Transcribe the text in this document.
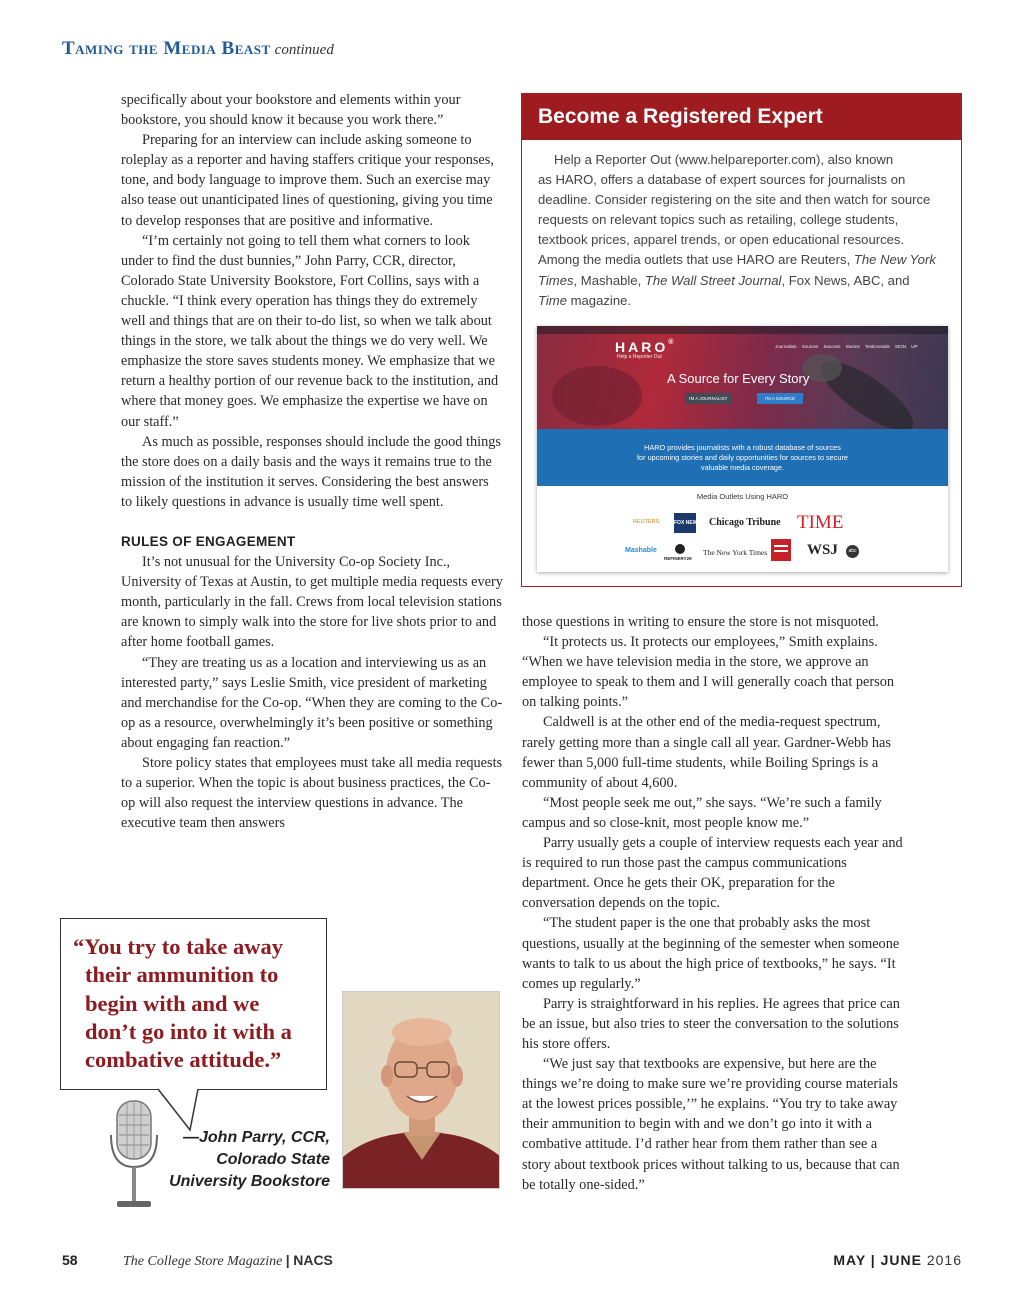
Taming the Media Beast continued

specifically about your bookstore and elements within your bookstore, you should know it because you work there.”

Preparing for an interview can include asking someone to roleplay as a reporter and having staffers critique your responses, tone, and body language to improve them. Such an exercise may also tease out unanticipated lines of questioning, giving you time to develop responses that are positive and informative.

“I’m certainly not going to tell them what corners to look under to find the dust bunnies,” John Parry, CCR, director, Colorado State University Bookstore, Fort Collins, says with a chuckle. “I think every operation has things they do extremely well and things that are on their to-do list, so when we talk about things in the store, we talk about the things we do very well. We emphasize the store saves students money. We emphasize that we return a healthy portion of our revenue back to the institution, and where that money goes. We emphasize the expertise we have on our staff.”

As much as possible, responses should include the good things the store does on a daily basis and the ways it remains true to the mission of the institution it serves. Considering the best answers to likely questions in advance is usually time well spent.

RULES OF ENGAGEMENT

It’s not unusual for the University Co-op Society Inc., University of Texas at Austin, to get multiple media requests every month, particularly in the fall. Crews from local television stations are known to simply walk into the store for live shots prior to and after home football games.

“They are treating us as a location and interviewing us as an interested party,” says Leslie Smith, vice president of marketing and merchandise for the Co-op. “When they are coming to the Co-op as a resource, overwhelmingly it’s been positive or something about engaging fan reaction.”

Store policy states that employees must take all media requests to a superior. When the topic is about business practices, the Co-op will also request the interview questions in advance. The executive team then answers

those questions in writing to ensure the store is not misquoted.

“It protects us. It protects our employees,” Smith explains. “When we have television media in the store, we approve an employee to speak to them and I will generally coach that person on talking points.”

Caldwell is at the other end of the media-request spectrum, rarely getting more than a single call all year. Gardner-Webb has fewer than 5,000 full-time students, while Boiling Springs is a community of about 4,600.

“Most people seek me out,” she says. “We’re such a family campus and so close-knit, most people know me.”

Parry usually gets a couple of interview requests each year and is required to run those past the campus communications department. Once he gets their OK, preparation for the conversation depends on the topic.

“The student paper is the one that probably asks the most questions, usually at the beginning of the semester when someone wants to talk to us about the high price of textbooks,” he says. “It comes up regularly.”

Parry is straightforward in his replies. He agrees that price can be an issue, but also tries to steer the conversation to the solutions his store offers.

“We just say that textbooks are expensive, but here are the things we’re doing to make sure we’re providing course materials at the lowest prices possible,’” he explains. “You try to take away their ammunition to begin with and we don’t go into it with a combative attitude. I’d rather hear from them rather than see a story about textbook prices without talking to us, because that can be totally one-sided.”

Become a Registered Expert
Help a Reporter Out (www.helpareporter.com), also known
as HARO, offers a database of expert sources for journalists on
deadline. Consider registering on the site and then watch for source
requests on relevant topics such as retailing, college students,
textbook prices, apparel trends, or open educational resources.
Among the media outlets that use HARO are Reuters, The New York
Times, Mashable, The Wall Street Journal, Fox News, ABC, and
Time magazine.
HARO®
Help a Reporter Out
Journalists Sources Success Stories Testimonials SIGN UP
A Source for Every Story
I'M A JOURNALIST	I'M A SOURCE
HARO provides journalists with a robust database of sources
for upcoming stories and daily opportunities for sources to secure
valuable media coverage.
Media Outlets Using HARO
REUTERS	FOX NEWS Chicago Tribune TIME
Mashable
REFINERY29
The New York Times	WSJ	abc
“You try to take away
their ammunition to
begin with and we
don’t go into it with a
combative attitude.”
—John Parry, CCR,
Colorado State
University Bookstore
58	The College Store Magazine | NACS	MAY | JUNE 2016
